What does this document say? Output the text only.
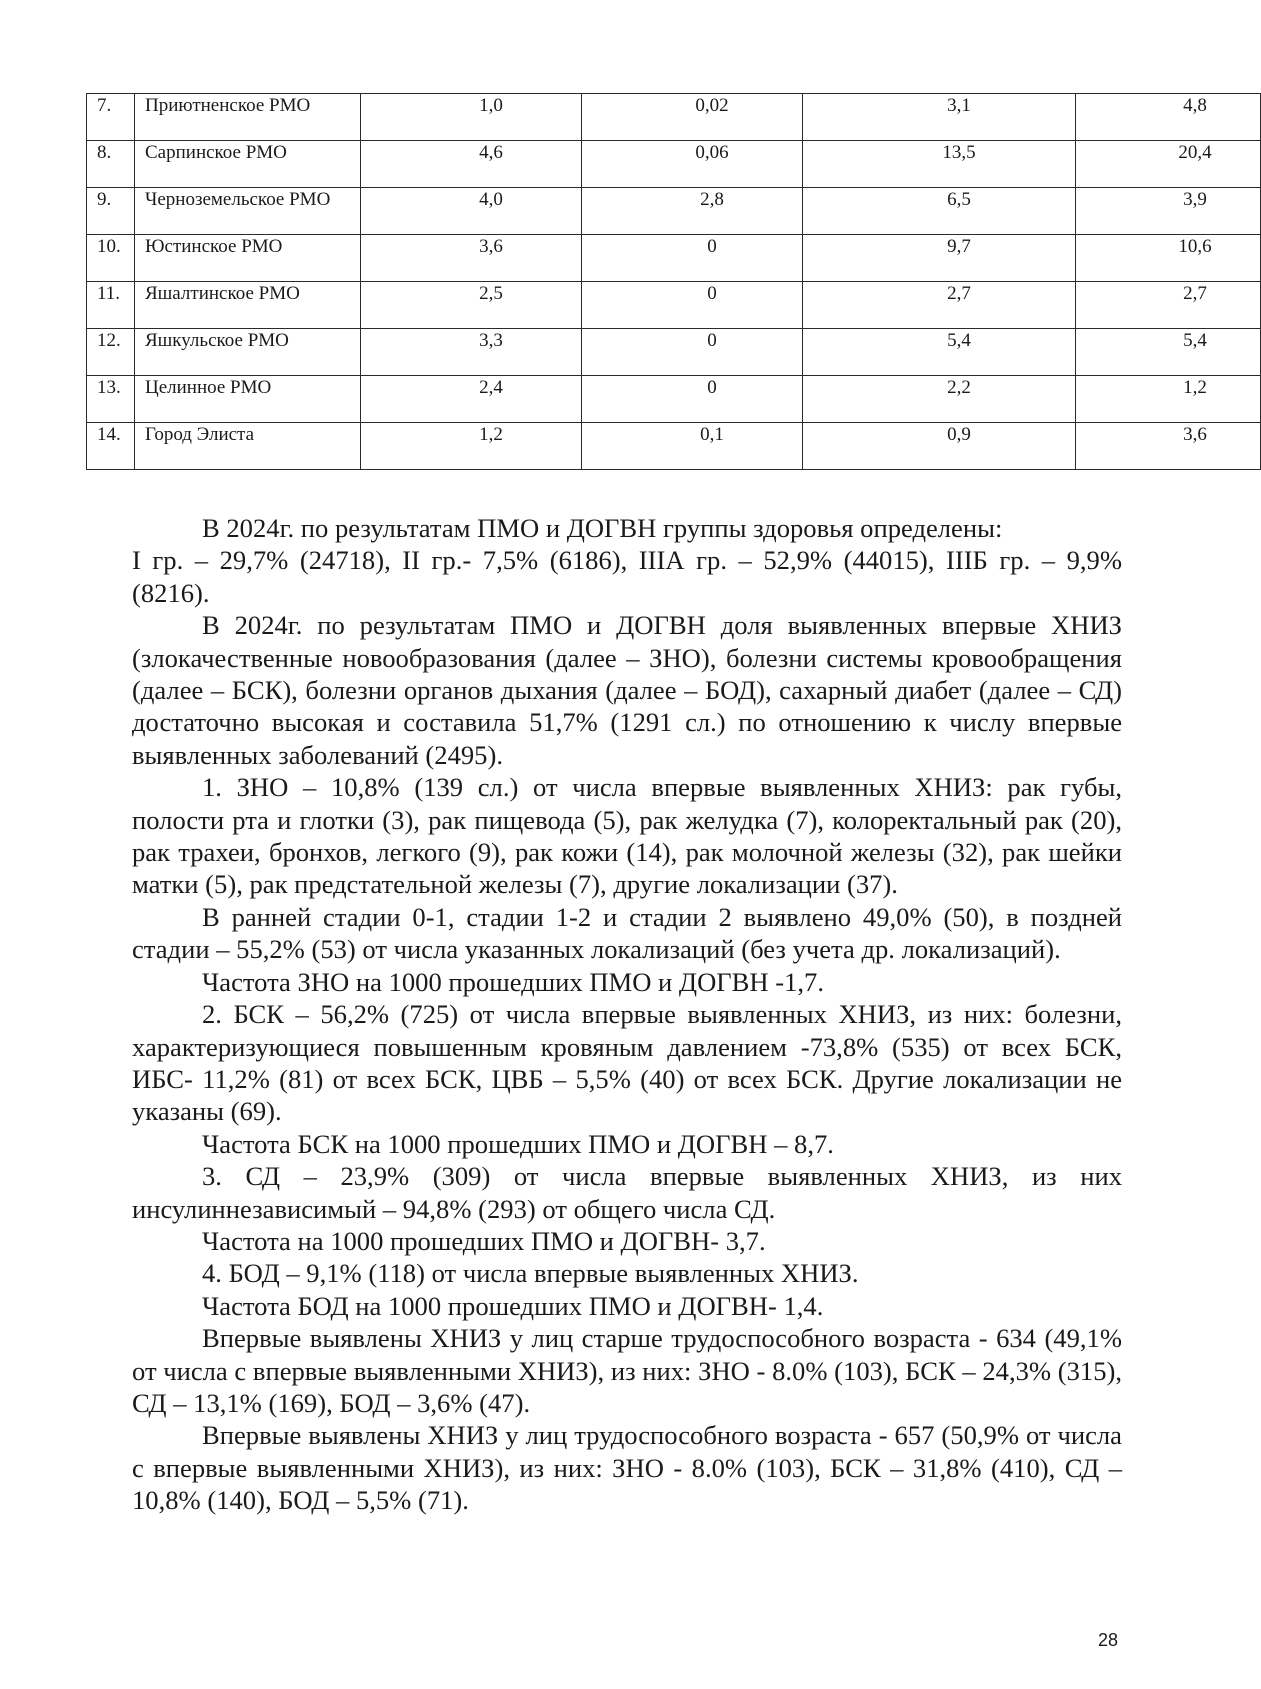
7.	Приютненское РМО	1,0	0,02	3,1	4,8
8.	Сарпинское РМО	4,6	0,06	13,5	20,4
9.	Черноземельское РМО	4,0	2,8	6,5	3,9
10.	Юстинское РМО	3,6	0	9,7	10,6
11.	Яшалтинское РМО	2,5	0	2,7	2,7
12.	Яшкульское РМО	3,3	0	5,4	5,4
13.	Целинное РМО	2,4	0	2,2	1,2
14.	Город Элиста	1,2	0,1	0,9	3,6

В 2024г. по результатам ПМО и ДОГВН группы здоровья определены:

I гр. – 29,7% (24718), II гр.- 7,5% (6186), IIIА гр. – 52,9% (44015), IIIБ гр. – 9,9% (8216).

В 2024г. по результатам ПМО и ДОГВН доля выявленных впервые ХНИЗ (злокачественные новообразования (далее – ЗНО), болезни системы кровообращения (далее – БСК), болезни органов дыхания (далее – БОД), сахарный диабет (далее – СД) достаточно высокая и составила 51,7% (1291 сл.) по отношению к числу впервые выявленных заболеваний (2495).

1. ЗНО – 10,8% (139 сл.) от числа впервые выявленных ХНИЗ: рак губы, полости рта и глотки (3), рак пищевода (5), рак желудка (7), колоректальный рак (20), рак трахеи, бронхов, легкого (9), рак кожи (14), рак молочной железы (32), рак шейки матки (5), рак предстательной железы (7), другие локализации (37).

В ранней стадии 0-1, стадии 1-2 и стадии 2 выявлено 49,0% (50), в поздней стадии – 55,2% (53) от числа указанных локализаций (без учета др. локализаций).

Частота ЗНО на 1000 прошедших ПМО и ДОГВН -1,7.

2. БСК – 56,2% (725) от числа впервые выявленных ХНИЗ, из них: болезни, характеризующиеся повышенным кровяным давлением -73,8% (535) от всех БСК, ИБС- 11,2% (81) от всех БСК, ЦВБ – 5,5% (40) от всех БСК. Другие локализации не указаны (69).

Частота БСК на 1000 прошедших ПМО и ДОГВН – 8,7.

3. СД – 23,9% (309) от числа впервые выявленных ХНИЗ, из них инсулиннезависимый – 94,8% (293) от общего числа СД.

Частота на 1000 прошедших ПМО и ДОГВН- 3,7.

4. БОД – 9,1% (118) от числа впервые выявленных ХНИЗ.

Частота БОД на 1000 прошедших ПМО и ДОГВН- 1,4.

Впервые выявлены ХНИЗ у лиц старше трудоспособного возраста - 634 (49,1% от числа с впервые выявленными ХНИЗ), из них: ЗНО - 8.0% (103), БСК – 24,3% (315), СД – 13,1% (169), БОД – 3,6% (47).

Впервые выявлены ХНИЗ у лиц трудоспособного возраста - 657 (50,9% от числа с впервые выявленными ХНИЗ), из них: ЗНО - 8.0% (103), БСК – 31,8% (410), СД – 10,8% (140), БОД – 5,5% (71).

28
